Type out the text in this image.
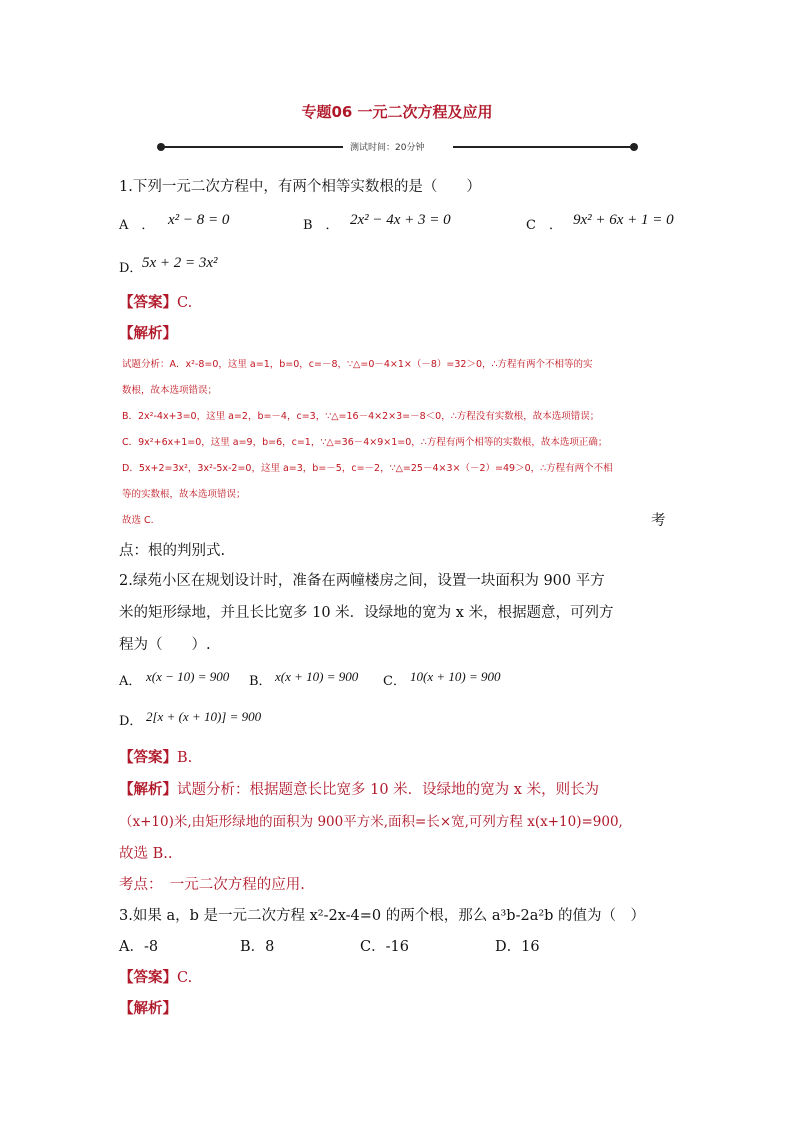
专题06 一元二次方程及应用
测试时间：20分钟
1.下列一元二次方程中，有两个相等实数根的是（　　）
A　． x² − 8 = 0	B　． 2x² − 4x + 3 = 0	C　． 9x² + 6x + 1 = 0
D． 5x + 2 = 3x²
【答案】C.
【解析】
试题分析：A．x²-8=0，这里 a=1，b=0，c=－8，∵△=0－4×1×（－8）=32＞0，∴方程有两个不相等的实
数根，故本选项错误；
B．2x²-4x+3=0，这里 a=2，b=－4，c=3，∵△=16－4×2×3=－8＜0，∴方程没有实数根，故本选项错误；
C．9x²+6x+1=0，这里 a=9，b=6，c=1，∵△=36－4×9×1=0，∴方程有两个相等的实数根，故本选项正确；
D．5x+2=3x²，3x²-5x-2=0，这里 a=3，b=－5，c=－2，∵△=25－4×3×（－2）=49＞0，∴方程有两个不相
等的实数根，故本选项错误；
故选 C.	考
点：根的判别式.
2.绿苑小区在规划设计时，准备在两幢楼房之间，设置一块面积为 900 平方
米的矩形绿地，并且长比宽多 10 米．设绿地的宽为 x 米，根据题意，可列方
程为（　　）.
A． x(x − 10) = 900 B． x(x + 10) = 900 C． 10(x + 10) = 900
D． 2[x + (x + 10)] = 900
【答案】B.
【解析】试题分析：根据题意长比宽多 10 米．设绿地的宽为 x 米，则长为
（x+10)米,由矩形绿地的面积为 900平方米,面积=长×宽,可列方程 x(x+10)=900,
故选 B..
考点：　一元二次方程的应用.
3.如果 a，b 是一元二次方程 x²-2x-4=0 的两个根，那么 a³b-2a²b 的值为（　）
A．-8	B．8	C．-16	D．16
【答案】C.
【解析】
